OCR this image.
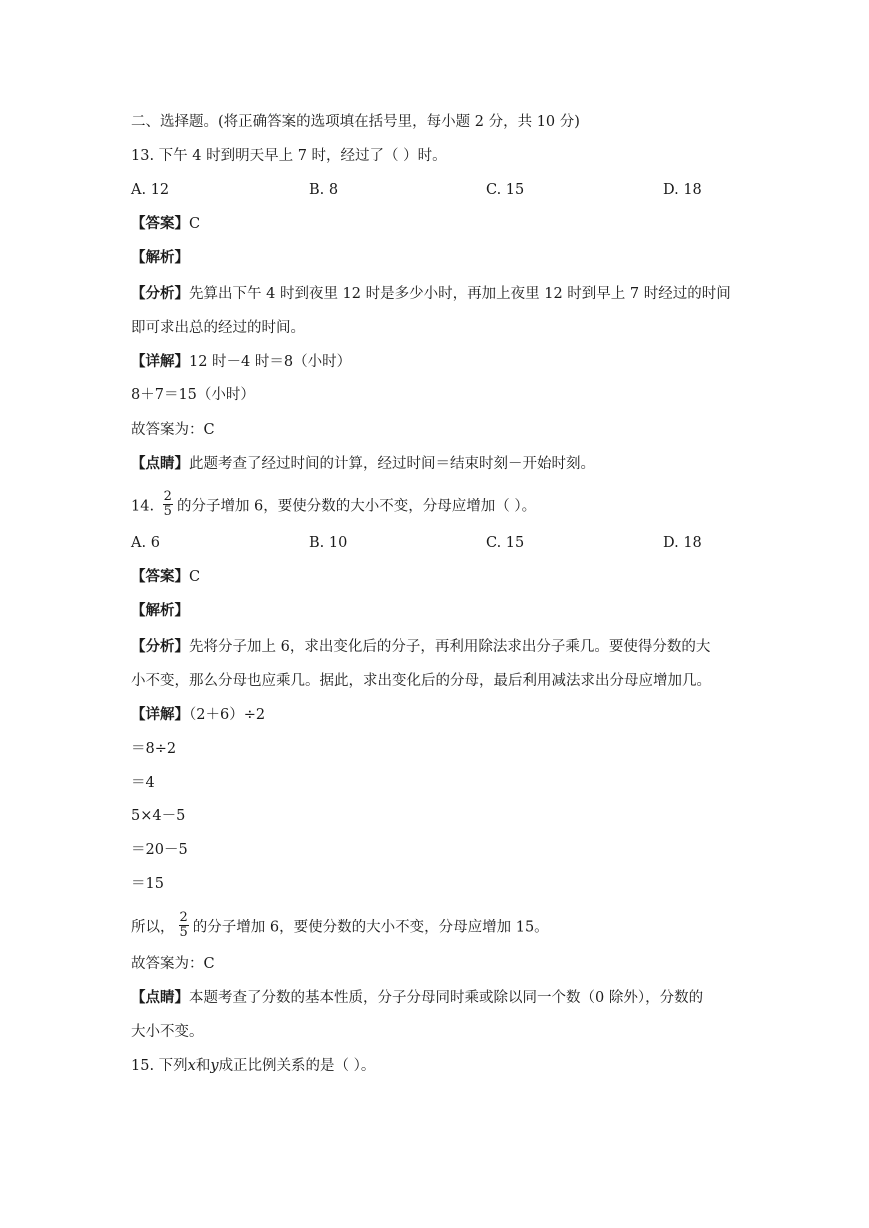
二、选择题。(将正确答案的选项填在括号里，每小题 2 分，共 10 分)
13. 下午 4 时到明天早上 7 时，经过了（ ）时。
A. 12	B. 8	C. 15	D. 18
【答案】C
【解析】
【分析】先算出下午 4 时到夜里 12 时是多少小时，再加上夜里 12 时到早上 7 时经过的时间
即可求出总的经过的时间。
【详解】12 时－4 时＝8（小时）
8＋7＝15（小时）
故答案为：C
【点睛】此题考查了经过时间的计算，经过时间＝结束时刻－开始时刻。
14. $\frac{2}{5}$ 的分子增加 6，要使分数的大小不变，分母应增加（ ）。
A. 6	B. 10	C. 15	D. 18
【答案】C
【解析】
【分析】先将分子加上 6，求出变化后的分子，再利用除法求出分子乘几。要使得分数的大
小不变，那么分母也应乘几。据此，求出变化后的分母，最后利用减法求出分母应增加几。
【详解】（2＋6）÷2
＝8÷2
＝4
5×4－5
＝20－5
＝15
所以， $\frac{2}{5}$ 的分子增加 6，要使分数的大小不变，分母应增加 15。
故答案为：C
【点睛】本题考查了分数的基本性质，分子分母同时乘或除以同一个数（0 除外），分数的
大小不变。
15. 下列x和y成正比例关系的是（ ）。
